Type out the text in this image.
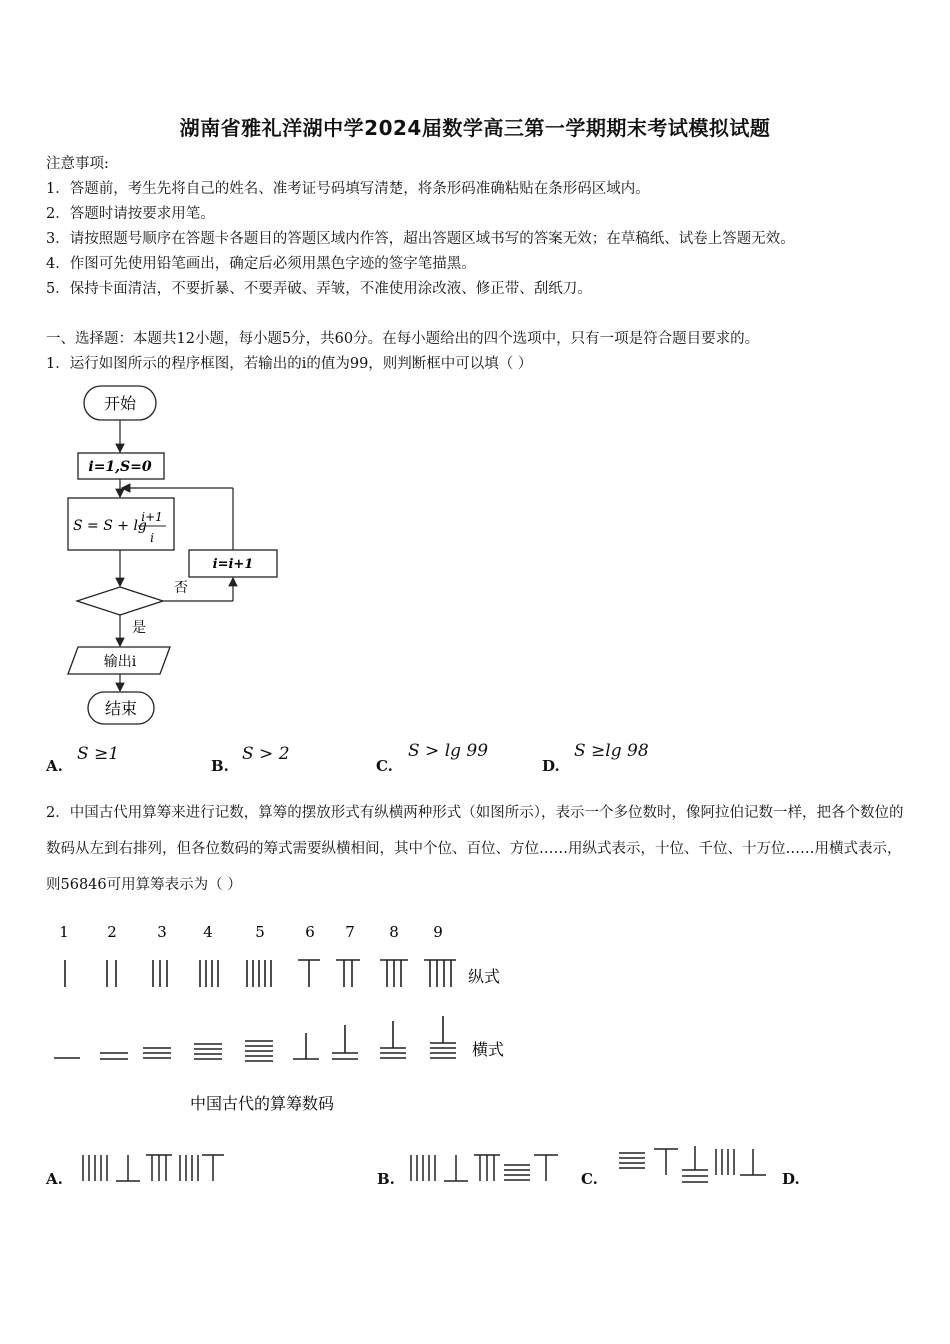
湖南省雅礼洋湖中学2024届数学高三第一学期期末考试模拟试题
注意事项:
1．答题前，考生先将自己的姓名、准考证号码填写清楚，将条形码准确粘贴在条形码区域内。
2．答题时请按要求用笔。
3．请按照题号顺序在答题卡各题目的答题区域内作答，超出答题区域书写的答案无效；在草稿纸、试卷上答题无效。
4．作图可先使用铅笔画出，确定后必须用黑色字迹的签字笔描黑。
5．保持卡面清洁，不要折暴、不要弄破、弄皱，不准使用涂改液、修正带、刮纸刀。
一、选择题：本题共12小题，每小题5分，共60分。在每小题给出的四个选项中，只有一项是符合题目要求的。
1．运行如图所示的程序框图，若输出的i的值为99，则判断框中可以填（ ）
开始
i=1,S=0
S = S + lg
i+1
i
否
i=i+1
是
输出i
结束
A.
S ≥1
B.
S > 2
C.
S > lg 99
D.
S ≥lg 98
2．中国古代用算筹来进行记数，算筹的摆放形式有纵横两种形式（如图所示），表示一个多位数时，像阿拉伯记数一样，把各个数位的数码从左到右排列，但各位数码的筹式需要纵横相间，其中个位、百位、方位……用纵式表示，十位、千位、十万位……用横式表示，则56846可用算筹表示为（ ）
1	2	3 4	5	6 7 8 9
纵式
横式
中国古代的算筹数码
A.	B.	C.	D.
